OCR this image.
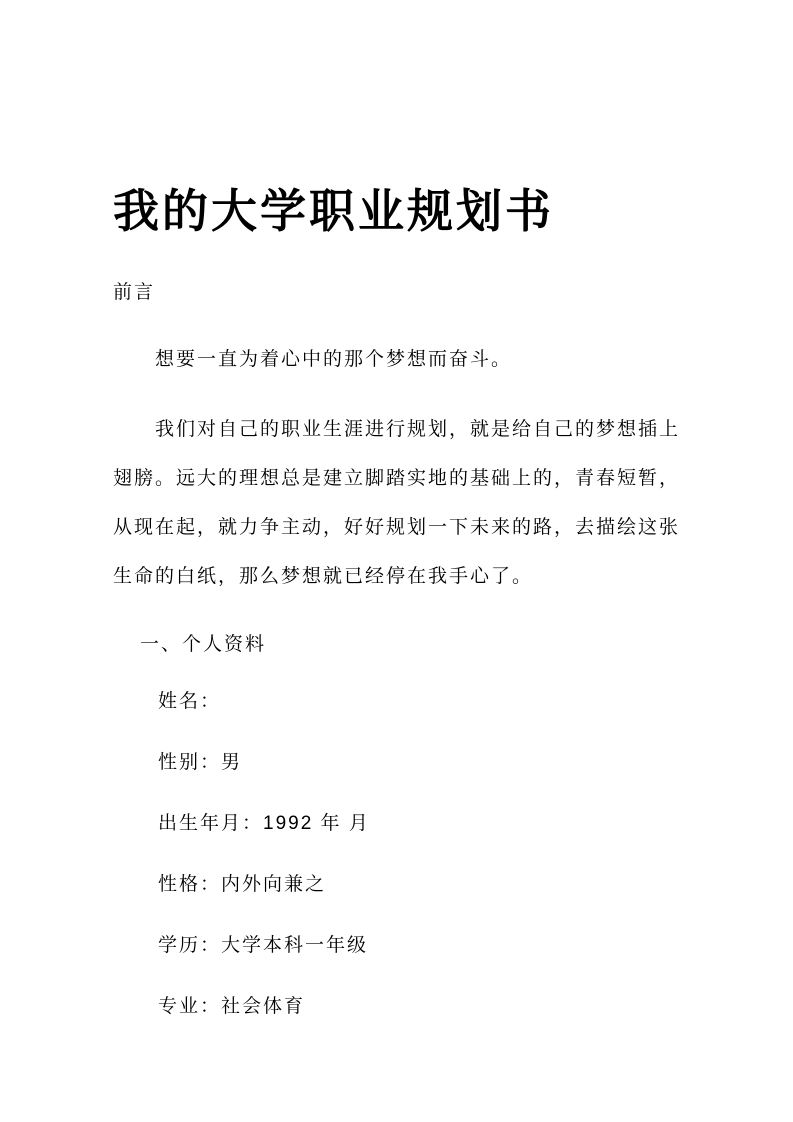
我的大学职业规划书

前言

想要一直为着心中的那个梦想而奋斗。

我们对自己的职业生涯进行规划，就是给自己的梦想插上翅膀。远大的理想总是建立脚踏实地的基础上的，青春短暂，从现在起，就力争主动，好好规划一下未来的路，去描绘这张生命的白纸，那么梦想就已经停在我手心了。

一、个人资料

姓名：

性别：男

出生年月：1992 年 月

性格：内外向兼之

学历：大学本科一年级

专业：社会体育
